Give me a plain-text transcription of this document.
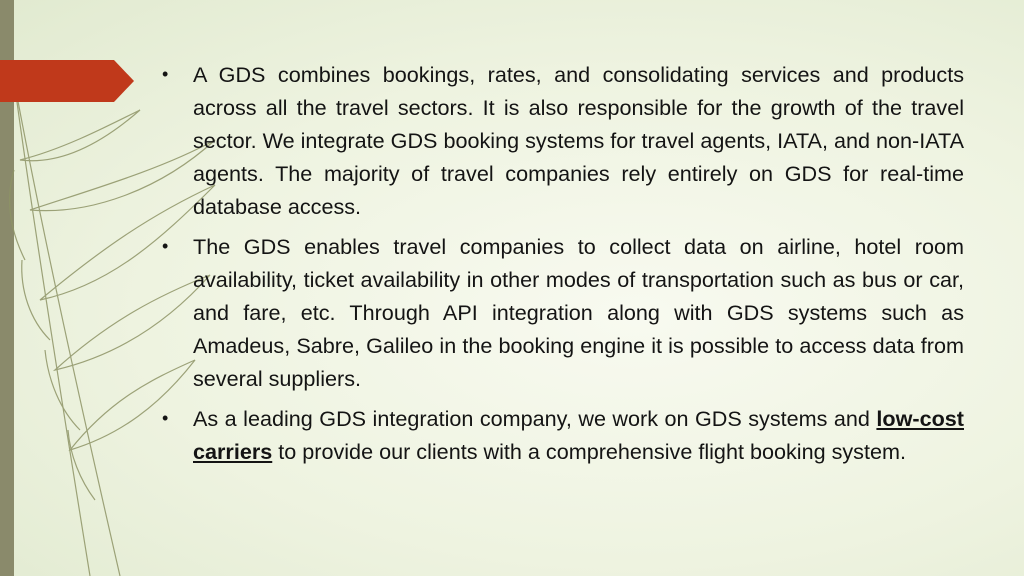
• A GDS combines bookings, rates, and consolidating services and products across all the travel sectors. It is also responsible for the growth of the travel sector. We integrate GDS booking systems for travel agents, IATA, and non-IATA agents. The majority of travel companies rely entirely on GDS for real-time database access.
• The GDS enables travel companies to collect data on airline, hotel room availability, ticket availability in other modes of transportation such as bus or car, and fare, etc. Through API integration along with GDS systems such as Amadeus, Sabre, Galileo in the booking engine it is possible to access data from several suppliers.
• As a leading GDS integration company, we work on GDS systems and low-cost carriers to provide our clients with a comprehensive flight booking system.
